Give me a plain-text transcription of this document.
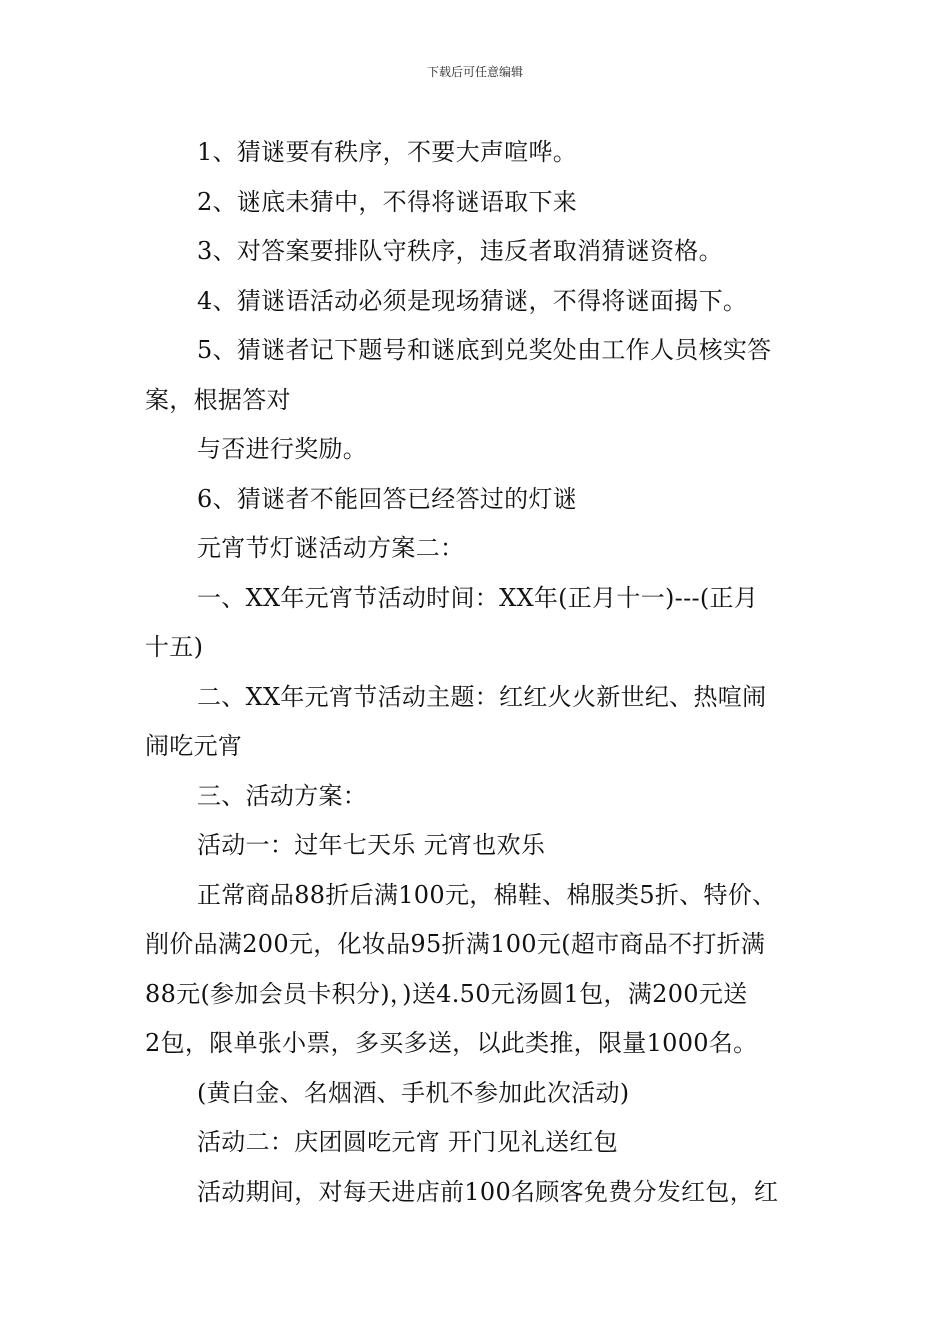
下载后可任意编辑
1、猜谜要有秩序，不要大声喧哗。
2、谜底未猜中，不得将谜语取下来
3、对答案要排队守秩序，违反者取消猜谜资格。
4、猜谜语活动必须是现场猜谜，不得将谜面揭下。
5、猜谜者记下题号和谜底到兑奖处由工作人员核实答
案，根据答对
与否进行奖励。
6、猜谜者不能回答已经答过的灯谜
元宵节灯谜活动方案二：
一、XX年元宵节活动时间：XX年(正月十一)---(正月
十五)
二、XX年元宵节活动主题：红红火火新世纪、热喧闹
闹吃元宵
三、活动方案：
活动一：过年七天乐 元宵也欢乐
正常商品88折后满100元，棉鞋、棉服类5折、特价、
削价品满200元，化妆品95折满100元(超市商品不打折满
88元(参加会员卡积分)，)送4.50元汤圆1包，满200元送
2包，限单张小票，多买多送，以此类推，限量1000名。
(黄白金、名烟酒、手机不参加此次活动)
活动二：庆团圆吃元宵 开门见礼送红包
活动期间，对每天进店前100名顾客免费分发红包，红
